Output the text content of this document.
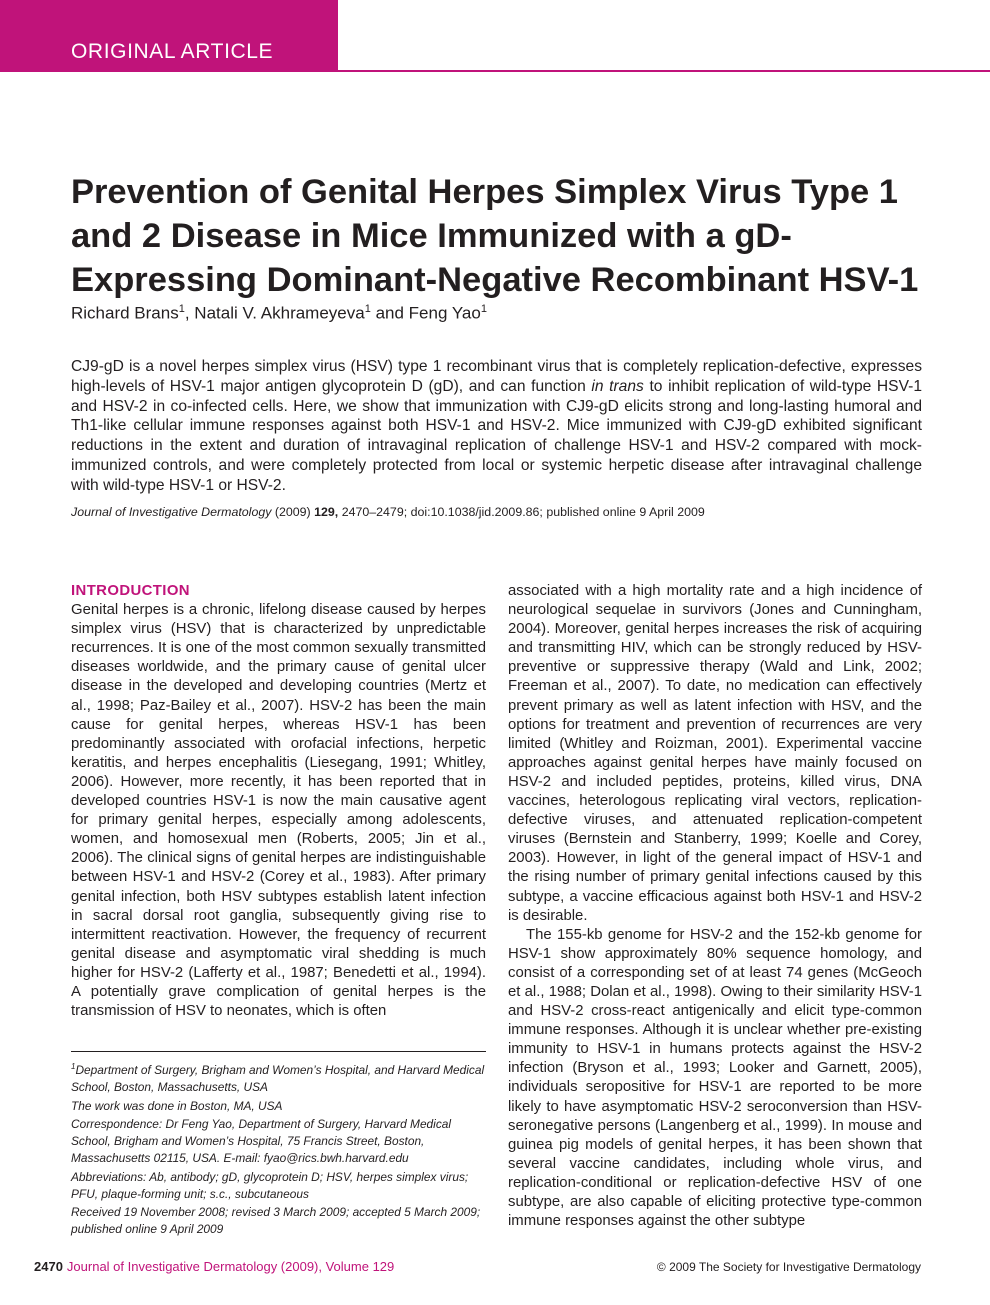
ORIGINAL ARTICLE
Prevention of Genital Herpes Simplex Virus Type 1 and 2 Disease in Mice Immunized with a gD-Expressing Dominant-Negative Recombinant HSV-1
Richard Brans$^1$, Natali V. Akhrameyeva$^1$ and Feng Yao$^1$

CJ9-gD is a novel herpes simplex virus (HSV) type 1 recombinant virus that is completely replication-defective, expresses high-levels of HSV-1 major antigen glycoprotein D (gD), and can function in trans to inhibit replication of wild-type HSV-1 and HSV-2 in co-infected cells. Here, we show that immunization with CJ9-gD elicits strong and long-lasting humoral and Th1-like cellular immune responses against both HSV-1 and HSV-2. Mice immunized with CJ9-gD exhibited significant reductions in the extent and duration of intravaginal replication of challenge HSV-1 and HSV-2 compared with mock-immunized controls, and were completely protected from local or systemic herpetic disease after intravaginal challenge with wild-type HSV-1 or HSV-2.

Journal of Investigative Dermatology (2009) 129, 2470–2479; doi:10.1038/jid.2009.86; published online 9 April 2009
INTRODUCTION

Genital herpes is a chronic, lifelong disease caused by herpes simplex virus (HSV) that is characterized by unpredictable recurrences. It is one of the most common sexually transmitted diseases worldwide, and the primary cause of genital ulcer disease in the developed and developing countries (Mertz et al., 1998; Paz-Bailey et al., 2007). HSV-2 has been the main cause for genital herpes, whereas HSV-1 has been predominantly associated with orofacial infections, herpetic keratitis, and herpes encephalitis (Liesegang, 1991; Whitley, 2006). However, more recently, it has been reported that in developed countries HSV-1 is now the main causative agent for primary genital herpes, especially among adolescents, women, and homosexual men (Roberts, 2005; Jin et al., 2006). The clinical signs of genital herpes are indistinguishable between HSV-1 and HSV-2 (Corey et al., 1983). After primary genital infection, both HSV subtypes establish latent infection in sacral dorsal root ganglia, subsequently giving rise to intermittent reactivation. However, the frequency of recurrent genital disease and asymptomatic viral shedding is much higher for HSV-2 (Lafferty et al., 1987; Benedetti et al., 1994). A potentially grave complication of genital herpes is the transmission of HSV to neonates, which is often

associated with a high mortality rate and a high incidence of neurological sequelae in survivors (Jones and Cunningham, 2004). Moreover, genital herpes increases the risk of acquiring and transmitting HIV, which can be strongly reduced by HSV-preventive or suppressive therapy (Wald and Link, 2002; Freeman et al., 2007). To date, no medication can effectively prevent primary as well as latent infection with HSV, and the options for treatment and prevention of recurrences are very limited (Whitley and Roizman, 2001). Experimental vaccine approaches against genital herpes have mainly focused on HSV-2 and included peptides, proteins, killed virus, DNA vaccines, heterologous replicating viral vectors, replication-defective viruses, and attenuated replication-competent viruses (Bernstein and Stanberry, 1999; Koelle and Corey, 2003). However, in light of the general impact of HSV-1 and the rising number of primary genital infections caused by this subtype, a vaccine efficacious against both HSV-1 and HSV-2 is desirable.

The 155-kb genome for HSV-2 and the 152-kb genome for HSV-1 show approximately 80% sequence homology, and consist of a corresponding set of at least 74 genes (McGeoch et al., 1988; Dolan et al., 1998). Owing to their similarity HSV-1 and HSV-2 cross-react antigenically and elicit type-common immune responses. Although it is unclear whether pre-existing immunity to HSV-1 in humans protects against the HSV-2 infection (Bryson et al., 1993; Looker and Garnett, 2005), individuals seropositive for HSV-1 are reported to be more likely to have asymptomatic HSV-2 seroconversion than HSV-seronegative persons (Langenberg et al., 1999). In mouse and guinea pig models of genital herpes, it has been shown that several vaccine candidates, including whole virus, and replication-conditional or replication-defective HSV of one subtype, are also capable of eliciting protective type-common immune responses against the other subtype

$^1$Department of Surgery, Brigham and Women’s Hospital, and Harvard Medical School, Boston, Massachusetts, USA

The work was done in Boston, MA, USA

Correspondence: Dr Feng Yao, Department of Surgery, Harvard Medical School, Brigham and Women’s Hospital, 75 Francis Street, Boston, Massachusetts 02115, USA. E-mail: fyao@rics.bwh.harvard.edu

Abbreviations: Ab, antibody; gD, glycoprotein D; HSV, herpes simplex virus; PFU, plaque-forming unit; s.c., subcutaneous

Received 19 November 2008; revised 3 March 2009; accepted 5 March 2009; published online 9 April 2009

2470 Journal of Investigative Dermatology (2009), Volume 129	© 2009 The Society for Investigative Dermatology
